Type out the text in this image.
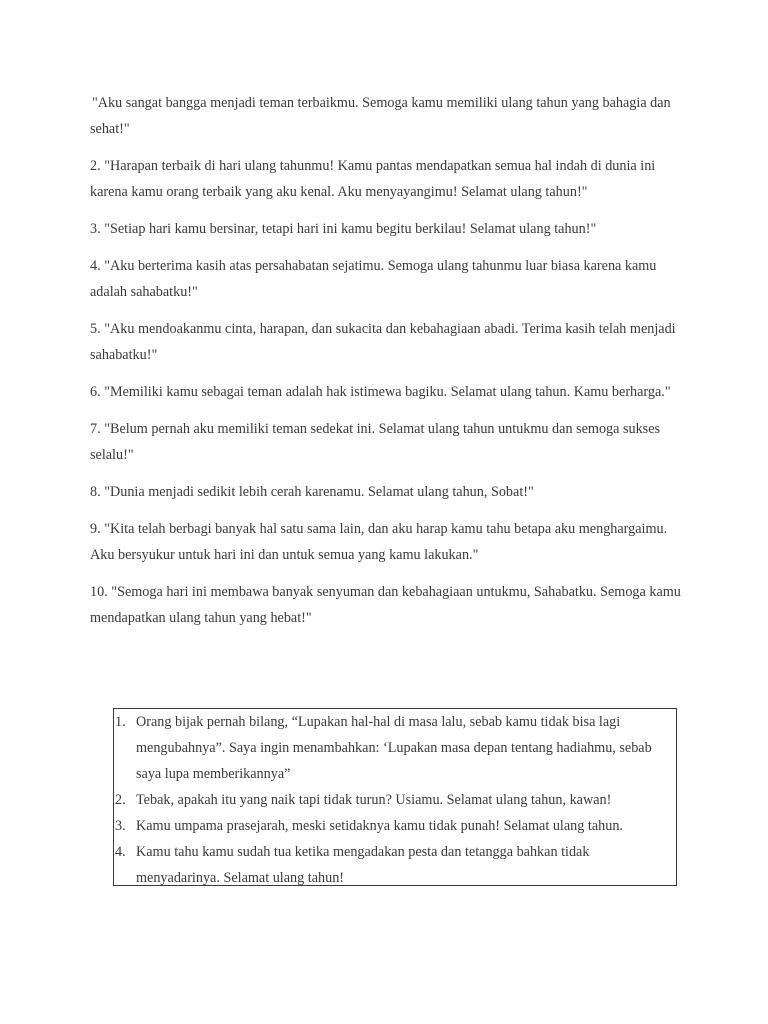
"Aku sangat bangga menjadi teman terbaikmu. Semoga kamu memiliki ulang tahun yang bahagia dan sehat!"

2. "Harapan terbaik di hari ulang tahunmu! Kamu pantas mendapatkan semua hal indah di dunia ini karena kamu orang terbaik yang aku kenal. Aku menyayangimu! Selamat ulang tahun!"

3. "Setiap hari kamu bersinar, tetapi hari ini kamu begitu berkilau! Selamat ulang tahun!"

4. "Aku berterima kasih atas persahabatan sejatimu. Semoga ulang tahunmu luar biasa karena kamu adalah sahabatku!"

5. "Aku mendoakanmu cinta, harapan, dan sukacita dan kebahagiaan abadi. Terima kasih telah menjadi sahabatku!"

6. "Memiliki kamu sebagai teman adalah hak istimewa bagiku. Selamat ulang tahun. Kamu berharga."

7. "Belum pernah aku memiliki teman sedekat ini. Selamat ulang tahun untukmu dan semoga sukses selalu!"

8. "Dunia menjadi sedikit lebih cerah karenamu. Selamat ulang tahun, Sobat!"

9. "Kita telah berbagi banyak hal satu sama lain, dan aku harap kamu tahu betapa aku menghargaimu. Aku bersyukur untuk hari ini dan untuk semua yang kamu lakukan."

10. "Semoga hari ini membawa banyak senyuman dan kebahagiaan untukmu, Sahabatku. Semoga kamu mendapatkan ulang tahun yang hebat!"

1. Orang bijak pernah bilang, “Lupakan hal-hal di masa lalu, sebab kamu tidak bisa lagi mengubahnya”. Saya ingin menambahkan: ‘Lupakan masa depan tentang hadiahmu, sebab saya lupa memberikannya”
2. Tebak, apakah itu yang naik tapi tidak turun? Usiamu. Selamat ulang tahun, kawan!
3. Kamu umpama prasejarah, meski setidaknya kamu tidak punah! Selamat ulang tahun.
4. Kamu tahu kamu sudah tua ketika mengadakan pesta dan tetangga bahkan tidak menyadarinya. Selamat ulang tahun!
